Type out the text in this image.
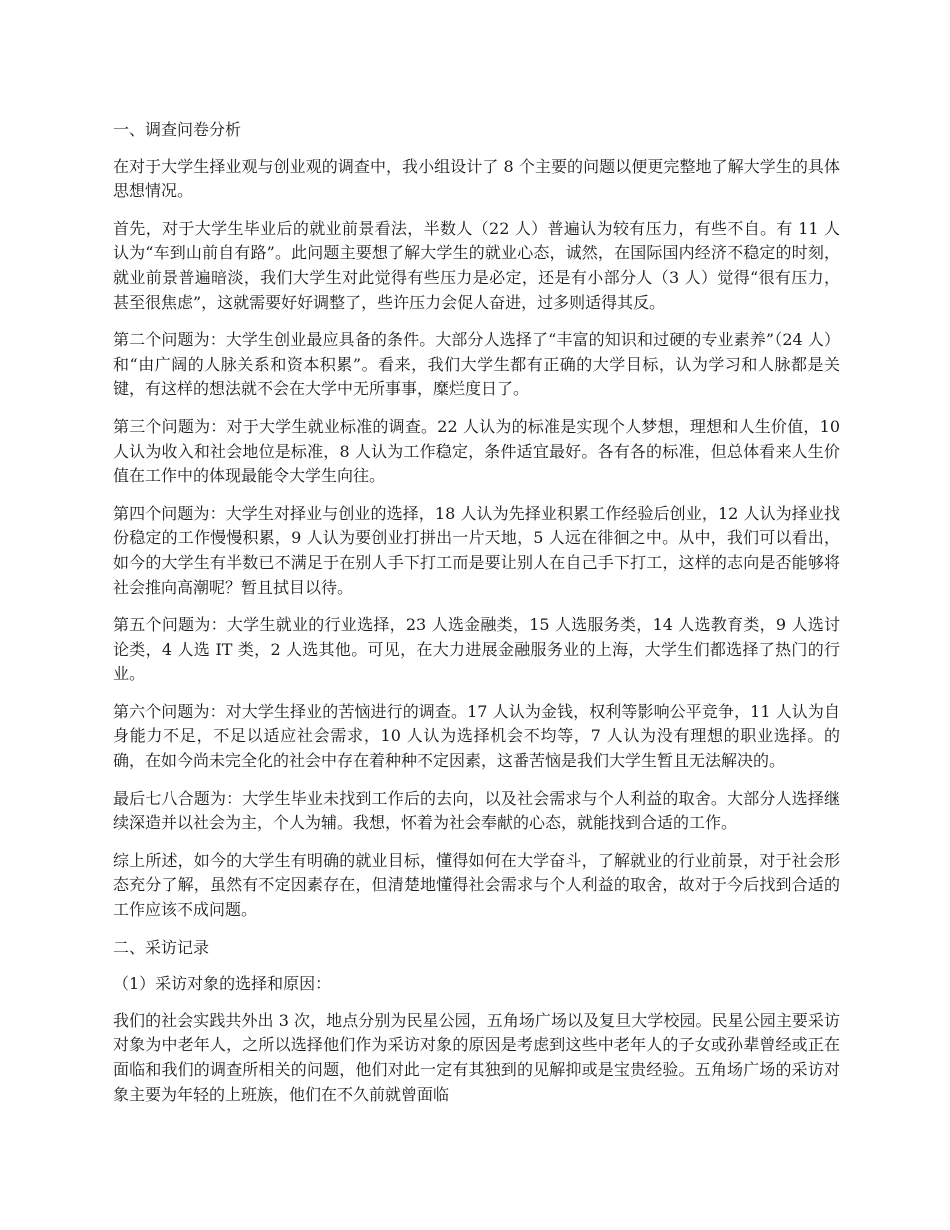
一、调查问卷分析

在对于大学生择业观与创业观的调查中，我小组设计了 8 个主要的问题以便更完整地了解大学生的具体思想情况。

首先，对于大学生毕业后的就业前景看法，半数人（22 人）普遍认为较有压力，有些不自。有 11 人认为“车到山前自有路”。此问题主要想了解大学生的就业心态，诚然，在国际国内经济不稳定的时刻，就业前景普遍暗淡，我们大学生对此觉得有些压力是必定，还是有小部分人（3 人）觉得“很有压力，甚至很焦虑”，这就需要好好调整了，些许压力会促人奋进，过多则适得其反。

第二个问题为：大学生创业最应具备的条件。大部分人选择了“丰富的知识和过硬的专业素养”（24 人）和“由广阔的人脉关系和资本积累”。看来，我们大学生都有正确的大学目标，认为学习和人脉都是关键，有这样的想法就不会在大学中无所事事，糜烂度日了。

第三个问题为：对于大学生就业标准的调查。22 人认为的标准是实现个人梦想，理想和人生价值，10 人认为收入和社会地位是标准，8 人认为工作稳定，条件适宜最好。各有各的标准，但总体看来人生价值在工作中的体现最能令大学生向往。

第四个问题为：大学生对择业与创业的选择，18 人认为先择业积累工作经验后创业，12 人认为择业找份稳定的工作慢慢积累，9 人认为要创业打拼出一片天地，5 人远在徘徊之中。从中，我们可以看出，如今的大学生有半数已不满足于在别人手下打工而是要让别人在自己手下打工，这样的志向是否能够将社会推向高潮呢？暂且拭目以待。

第五个问题为：大学生就业的行业选择，23 人选金融类，15 人选服务类，14 人选教育类，9 人选讨论类，4 人选 IT 类，2 人选其他。可见，在大力进展金融服务业的上海，大学生们都选择了热门的行业。

第六个问题为：对大学生择业的苦恼进行的调查。17 人认为金钱，权利等影响公平竞争，11 人认为自身能力不足，不足以适应社会需求，10 人认为选择机会不均等，7 人认为没有理想的职业选择。的确，在如今尚未完全化的社会中存在着种种不定因素，这番苦恼是我们大学生暂且无法解决的。

最后七八合题为：大学生毕业未找到工作后的去向，以及社会需求与个人利益的取舍。大部分人选择继续深造并以社会为主，个人为辅。我想，怀着为社会奉献的心态，就能找到合适的工作。

综上所述，如今的大学生有明确的就业目标，懂得如何在大学奋斗，了解就业的行业前景，对于社会形态充分了解，虽然有不定因素存在，但清楚地懂得社会需求与个人利益的取舍，故对于今后找到合适的工作应该不成问题。

二、采访记录
（1）采访对象的选择和原因：

我们的社会实践共外出 3 次，地点分别为民星公园，五角场广场以及复旦大学校园。民星公园主要采访对象为中老年人，之所以选择他们作为采访对象的原因是考虑到这些中老年人的子女或孙辈曾经或正在面临和我们的调查所相关的问题，他们对此一定有其独到的见解抑或是宝贵经验。五角场广场的采访对象主要为年轻的上班族，他们在不久前就曾面临
